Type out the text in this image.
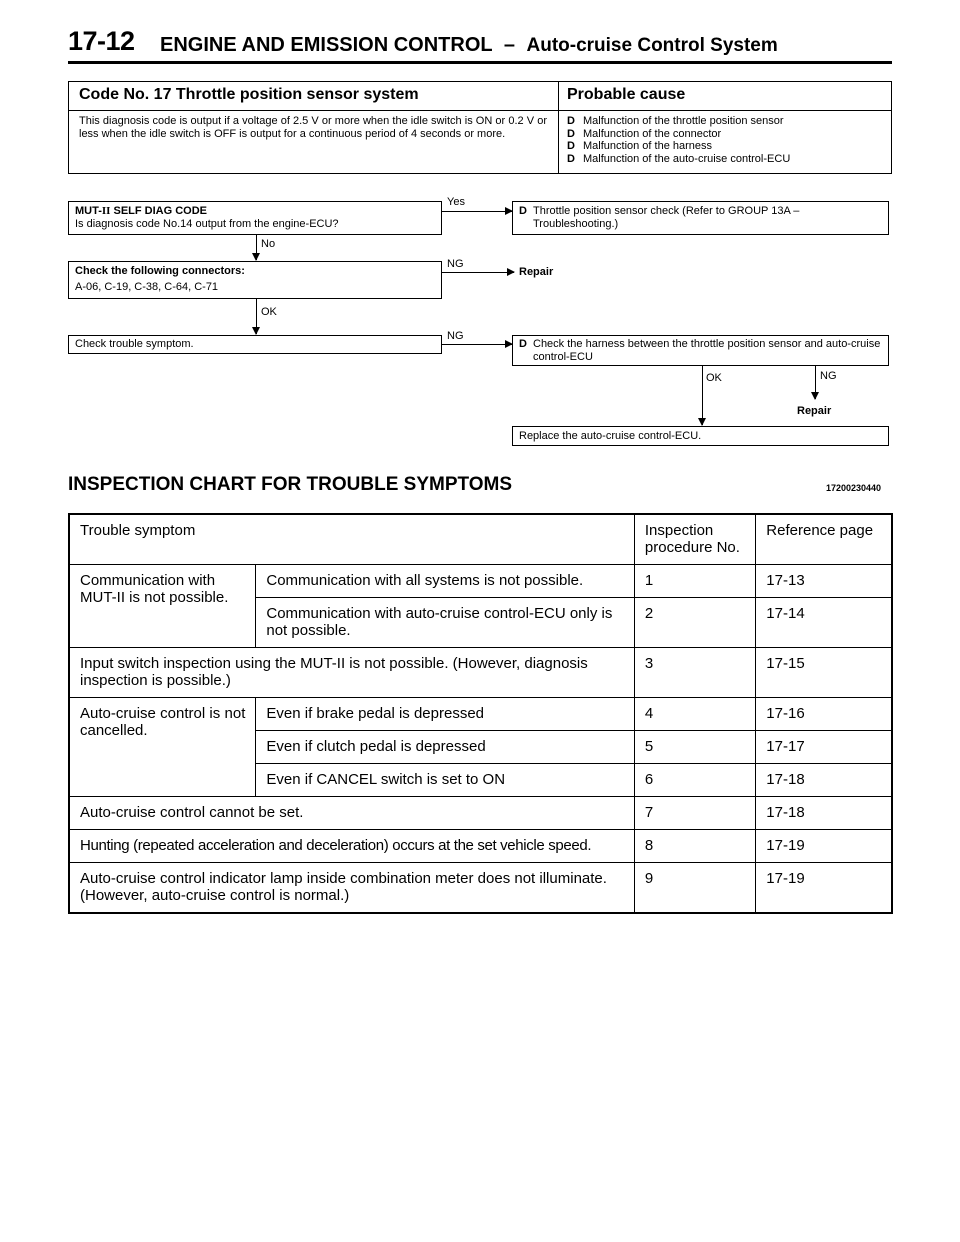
17-12 ENGINE AND EMISSION CONTROL – Auto-cruise Control System
Code No. 17 Throttle position sensor system	Probable cause
This diagnosis code is output if a voltage of 2.5 V or more when the idle switch is ON or 0.2 V or less when the idle switch is OFF is output for a continuous period of 4 seconds or more.
D Malfunction of the throttle position sensor
D Malfunction of the connector
D Malfunction of the harness
D Malfunction of the auto-cruise control-ECU
MUT-II SELF DIAG CODE
Is diagnosis code No.14 output from the engine-ECU?
Yes
D Throttle position sensor check (Refer to GROUP 13A – Troubleshooting.)
No
Check the following connectors:
A-06, C-19, C-38, C-64, C-71
NG
Repair
OK
Check trouble symptom.
NG
D Check the harness between the throttle position sensor and auto-cruise control-ECU
OK	NG
Repair
Replace the auto-cruise control-ECU.
INSPECTION CHART FOR TROUBLE SYMPTOMS	17200230440
Trouble symptom		Inspection procedure No.	Reference page
Communication with MUT-II is not possible.	Communication with all systems is not possible.	1	17-13
	Communication with auto-cruise control-ECU only is not possible.	2	17-14
Input switch inspection using the MUT-II is not possible. (However, diagnosis inspection is possible.)		3	17-15
Auto-cruise control is not cancelled.	Even if brake pedal is depressed	4	17-16
	Even if clutch pedal is depressed	5	17-17
	Even if CANCEL switch is set to ON	6	17-18
Auto-cruise control cannot be set.		7	17-18
Hunting (repeated acceleration and deceleration) occurs at the set vehicle speed.		8	17-19
Auto-cruise control indicator lamp inside combination meter does not illuminate. (However, auto-cruise control is normal.)		9	17-19
